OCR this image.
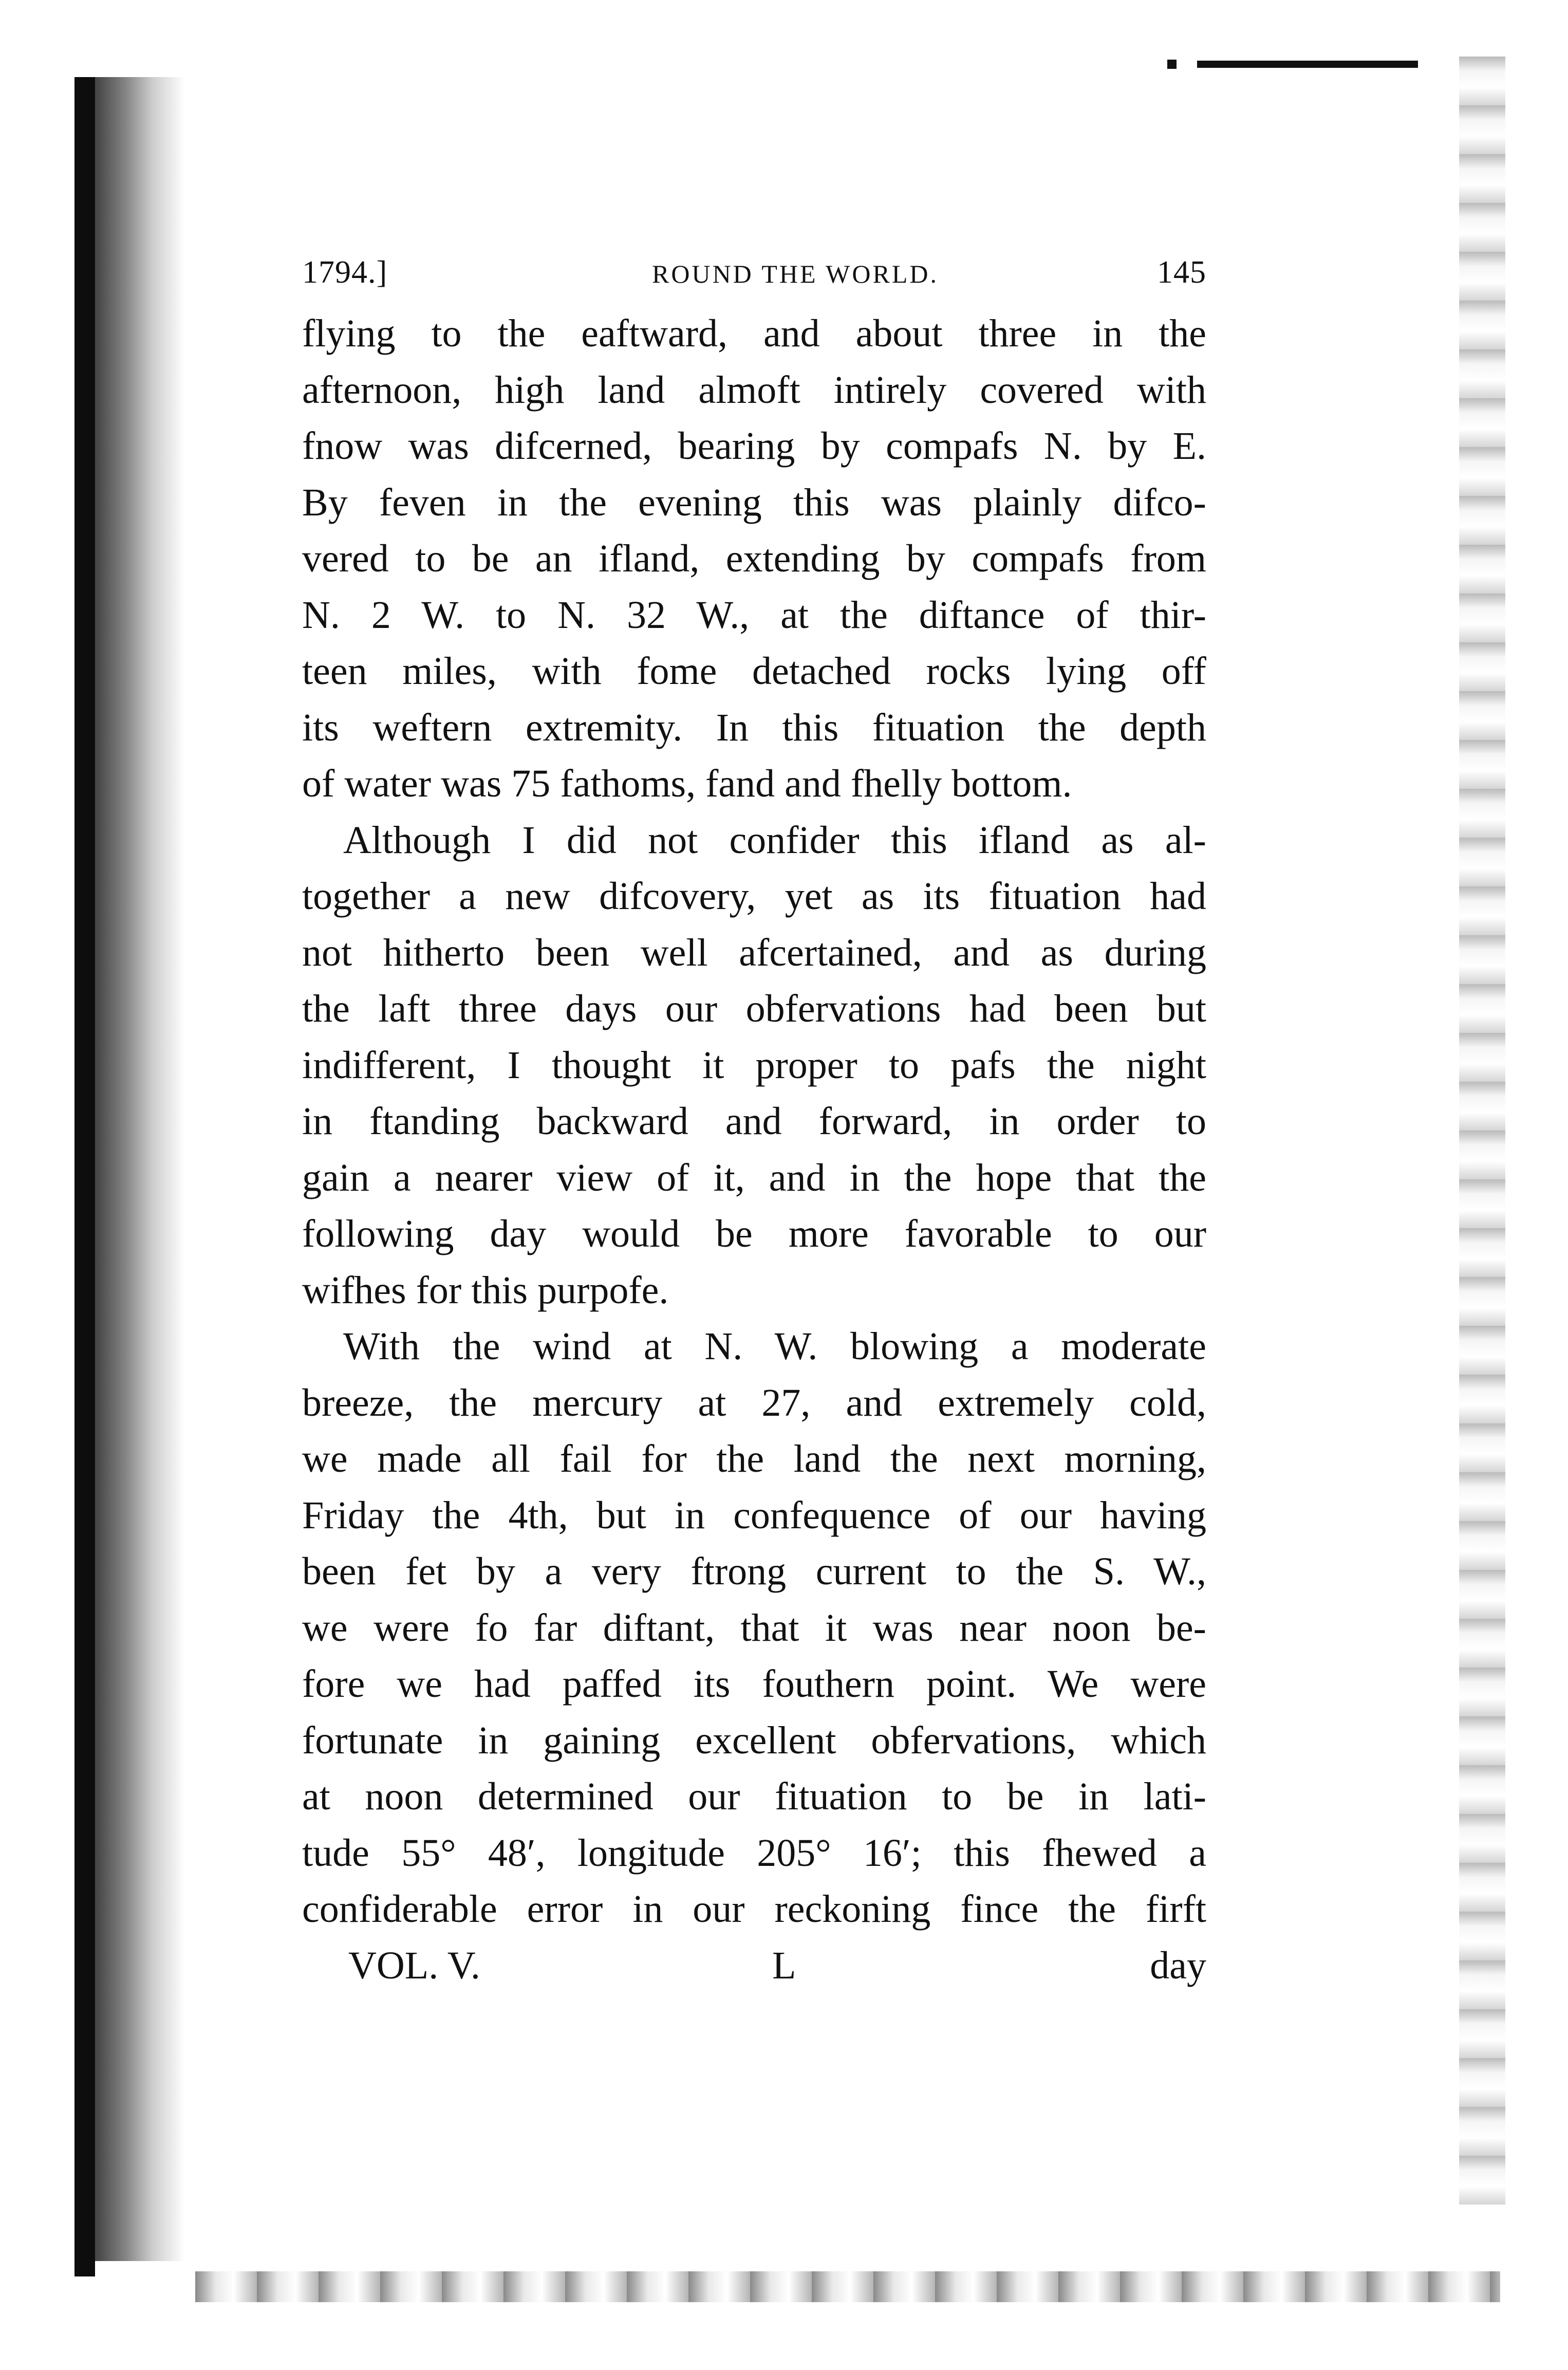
1794.]	ROUND THE WORLD.	145
flying to the eaftward, and about three in the
afternoon, high land almoft intirely covered with
fnow was difcerned, bearing by compafs N. by E.
By feven in the evening this was plainly difco-
vered to be an ifland, extending by compafs from
N. 2 W. to N. 32 W., at the diftance of thir-
teen miles, with fome detached rocks lying off
its weftern extremity. In this fituation the depth
of water was 75 fathoms, fand and fhelly bottom.
Although I did not confider this ifland as al-
together a new difcovery, yet as its fituation had
not hitherto been well afcertained, and as during
the laft three days our obfervations had been but
indifferent, I thought it proper to pafs the night
in ftanding backward and forward, in order to
gain a nearer view of it, and in the hope that the
following day would be more favorable to our
wifhes for this purpofe.
With the wind at N. W. blowing a moderate
breeze, the mercury at 27, and extremely cold,
we made all fail for the land the next morning,
Friday the 4th, but in confequence of our having
been fet by a very ftrong current to the S. W.,
we were fo far diftant, that it was near noon be-
fore we had paffed its fouthern point. We were
fortunate in gaining excellent obfervations, which
at noon determined our fituation to be in lati-
tude 55° 48′, longitude 205° 16′; this fhewed a
confiderable error in our reckoning fince the firft
VOL. V.	L	day
